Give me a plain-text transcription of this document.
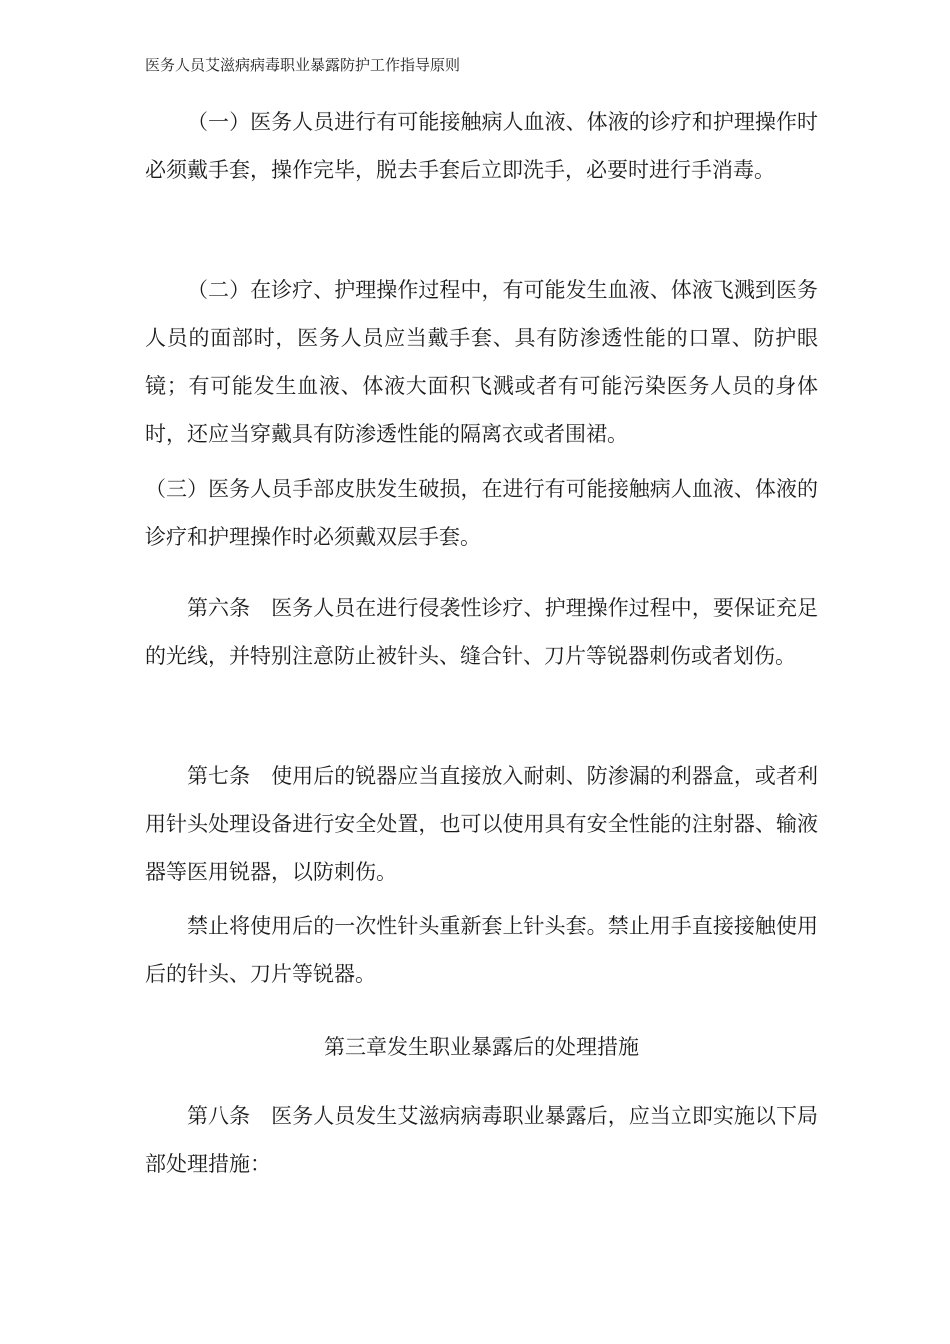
医务人员艾滋病病毒职业暴露防护工作指导原则
（一）医务人员进行有可能接触病人血液、体液的诊疗和护理操作时必须戴手套，操作完毕，脱去手套后立即洗手，必要时进行手消毒。
（二）在诊疗、护理操作过程中，有可能发生血液、体液飞溅到医务人员的面部时，医务人员应当戴手套、具有防渗透性能的口罩、防护眼镜；有可能发生血液、体液大面积飞溅或者有可能污染医务人员的身体时，还应当穿戴具有防渗透性能的隔离衣或者围裙。
（三）医务人员手部皮肤发生破损，在进行有可能接触病人血液、体液的诊疗和护理操作时必须戴双层手套。
第六条　医务人员在进行侵袭性诊疗、护理操作过程中，要保证充足的光线，并特别注意防止被针头、缝合针、刀片等锐器刺伤或者划伤。
第七条　使用后的锐器应当直接放入耐刺、防渗漏的利器盒，或者利用针头处理设备进行安全处置，也可以使用具有安全性能的注射器、输液器等医用锐器，以防刺伤。
禁止将使用后的一次性针头重新套上针头套。禁止用手直接接触使用后的针头、刀片等锐器。
第三章发生职业暴露后的处理措施
第八条　医务人员发生艾滋病病毒职业暴露后，应当立即实施以下局部处理措施：
